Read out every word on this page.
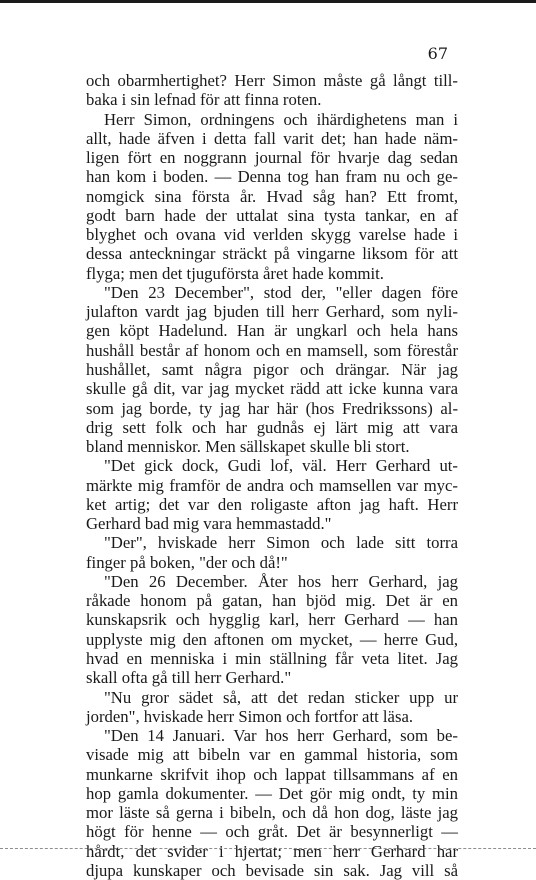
67
och obarmhertighet? Herr Simon måste gå långt till-
baka i sin lefnad för att finna roten.
Herr Simon, ordningens och ihärdighetens man i
allt, hade äfven i detta fall varit det; han hade näm-
ligen fört en noggrann journal för hvarje dag sedan
han kom i boden. — Denna tog han fram nu och ge-
nomgick sina första år. Hvad såg han? Ett fromt,
godt barn hade der uttalat sina tysta tankar, en af
blyghet och ovana vid verlden skygg varelse hade i
dessa anteckningar sträckt på vingarne liksom för att
flyga; men det tjuguförsta året hade kommit.
"Den 23 December", stod der, "eller dagen före
julafton vardt jag bjuden till herr Gerhard, som nyli-
gen köpt Hadelund. Han är ungkarl och hela hans
hushåll består af honom och en mamsell, som förestår
hushållet, samt några pigor och drängar. När jag
skulle gå dit, var jag mycket rädd att icke kunna vara
som jag borde, ty jag har här (hos Fredrikssons) al-
drig sett folk och har gudnås ej lärt mig att vara
bland menniskor. Men sällskapet skulle bli stort.
"Det gick dock, Gudi lof, väl. Herr Gerhard ut-
märkte mig framför de andra och mamsellen var myc-
ket artig; det var den roligaste afton jag haft. Herr
Gerhard bad mig vara hemmastadd."
"Der", hviskade herr Simon och lade sitt torra
finger på boken, "der och då!"
"Den 26 December. Åter hos herr Gerhard, jag
råkade honom på gatan, han bjöd mig. Det är en
kunskapsrik och hygglig karl, herr Gerhard — han
upplyste mig den aftonen om mycket, — herre Gud,
hvad en menniska i min ställning får veta litet. Jag
skall ofta gå till herr Gerhard."
"Nu gror sädet så, att det redan sticker upp ur
jorden", hviskade herr Simon och fortfor att läsa.
"Den 14 Januari. Var hos herr Gerhard, som be-
visade mig att bibeln var en gammal historia, som
munkarne skrifvit ihop och lappat tillsammans af en
hop gamla dokumenter. — Det gör mig ondt, ty min
mor läste så gerna i bibeln, och då hon dog, läste jag
högt för henne — och gråt. Det är besynnerligt —
hårdt, det svider i hjertat; men herr Gerhard har
djupa kunskaper och bevisade sin sak. Jag vill så
